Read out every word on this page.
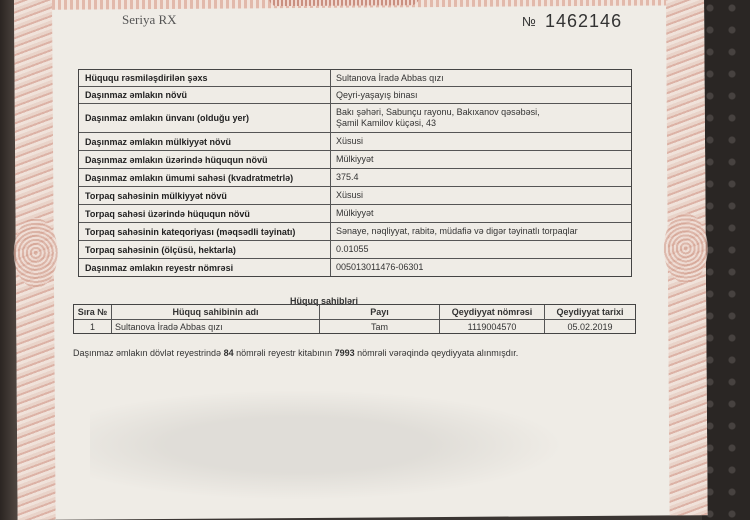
Seriya RX	№ 1462146
Hüququ rəsmiləşdirilən şəxs	Sultanova İradə Abbas qızı
Daşınmaz əmlakın növü	Qeyri-yaşayış binası
Daşınmaz əmlakın ünvanı (olduğu yer)
Bakı şəhəri, Sabunçu rayonu, Bakıxanov qəsəbəsi,
Şamil Kamilov küçəsi, 43
Daşınmaz əmlakın mülkiyyət növü	Xüsusi
Daşınmaz əmlakın üzərində hüququn növü	Mülkiyyət
Daşınmaz əmlakın ümumi sahəsi (kvadratmetrlə)	375.4
Torpaq sahəsinin mülkiyyət növü	Xüsusi
Torpaq sahəsi üzərində hüququn növü	Mülkiyyət
Torpaq sahəsinin kateqoriyası (məqsədli təyinatı)	Sənaye, nəqliyyat, rabitə, müdafiə və digər təyinatlı torpaqlar
Torpaq sahəsinin (ölçüsü, hektarla)	0.01055
Daşınmaz əmlakın reyestr nömrəsi	005013011476-06301
Hüquq sahibləri
Sıra №	Hüquq sahibinin adı	Payı	Qeydiyyat nömrəsi	Qeydiyyat tarixi
1	Sultanova İradə Abbas qızı	Tam	1119004570	05.02.2019
Daşınmaz əmlakın dövlət reyestrində 84 nömrəli reyestr kitabının 7993 nömrəli vərəqində qeydiyyata alınmışdır.
